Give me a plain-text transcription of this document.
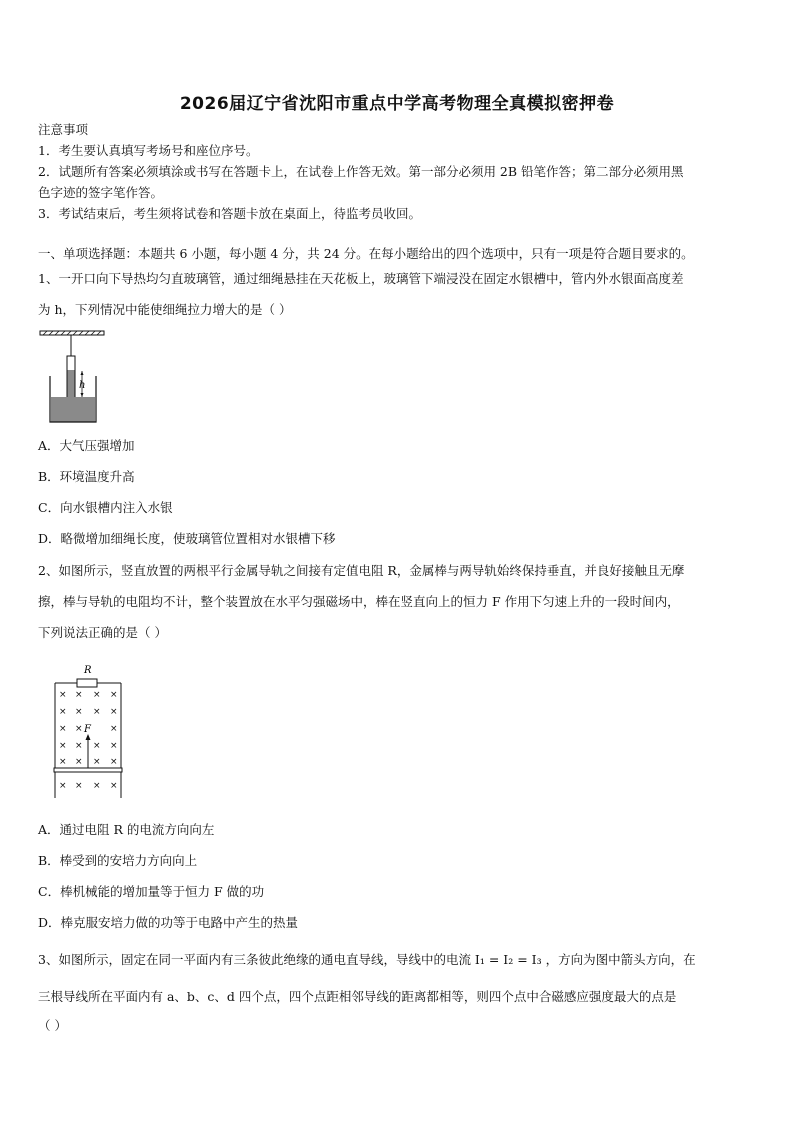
2026届辽宁省沈阳市重点中学高考物理全真模拟密押卷
注意事项
1．考生要认真填写考场号和座位序号。
2．试题所有答案必须填涂或书写在答题卡上，在试卷上作答无效。第一部分必须用 2B 铅笔作答；第二部分必须用黑
色字迹的签字笔作答。
3．考试结束后，考生须将试卷和答题卡放在桌面上，待监考员收回。
一、单项选择题：本题共 6 小题，每小题 4 分，共 24 分。在每小题给出的四个选项中，只有一项是符合题目要求的。
1、一开口向下导热均匀直玻璃管，通过细绳悬挂在天花板上，玻璃管下端浸没在固定水银槽中，管内外水银面高度差
为 h，下列情况中能使细绳拉力增大的是（ ）
h
A．大气压强增加
B．环境温度升高
C．向水银槽内注入水银
D．略微增加细绳长度，使玻璃管位置相对水银槽下移
2、如图所示，竖直放置的两根平行金属导轨之间接有定值电阻 R，金属棒与两导轨始终保持垂直，并良好接触且无摩
擦，棒与导轨的电阻均不计，整个装置放在水平匀强磁场中，棒在竖直向上的恒力 F 作用下匀速上升的一段时间内，
下列说法正确的是（ ）
R
× × × ×
× × × ×
× ×	×
× × × ×
× × × ×
× × × ×
F
A．通过电阻 R 的电流方向向左
B．棒受到的安培力方向向上
C．棒机械能的增加量等于恒力 F 做的功
D．棒克服安培力做的功等于电路中产生的热量
3、如图所示，固定在同一平面内有三条彼此绝缘的通电直导线，导线中的电流 I₁ = I₂ = I₃ ，方向为图中箭头方向，在
三根导线所在平面内有 a、b、c、d 四个点，四个点距相邻导线的距离都相等，则四个点中合磁感应强度最大的点是
（ ）
